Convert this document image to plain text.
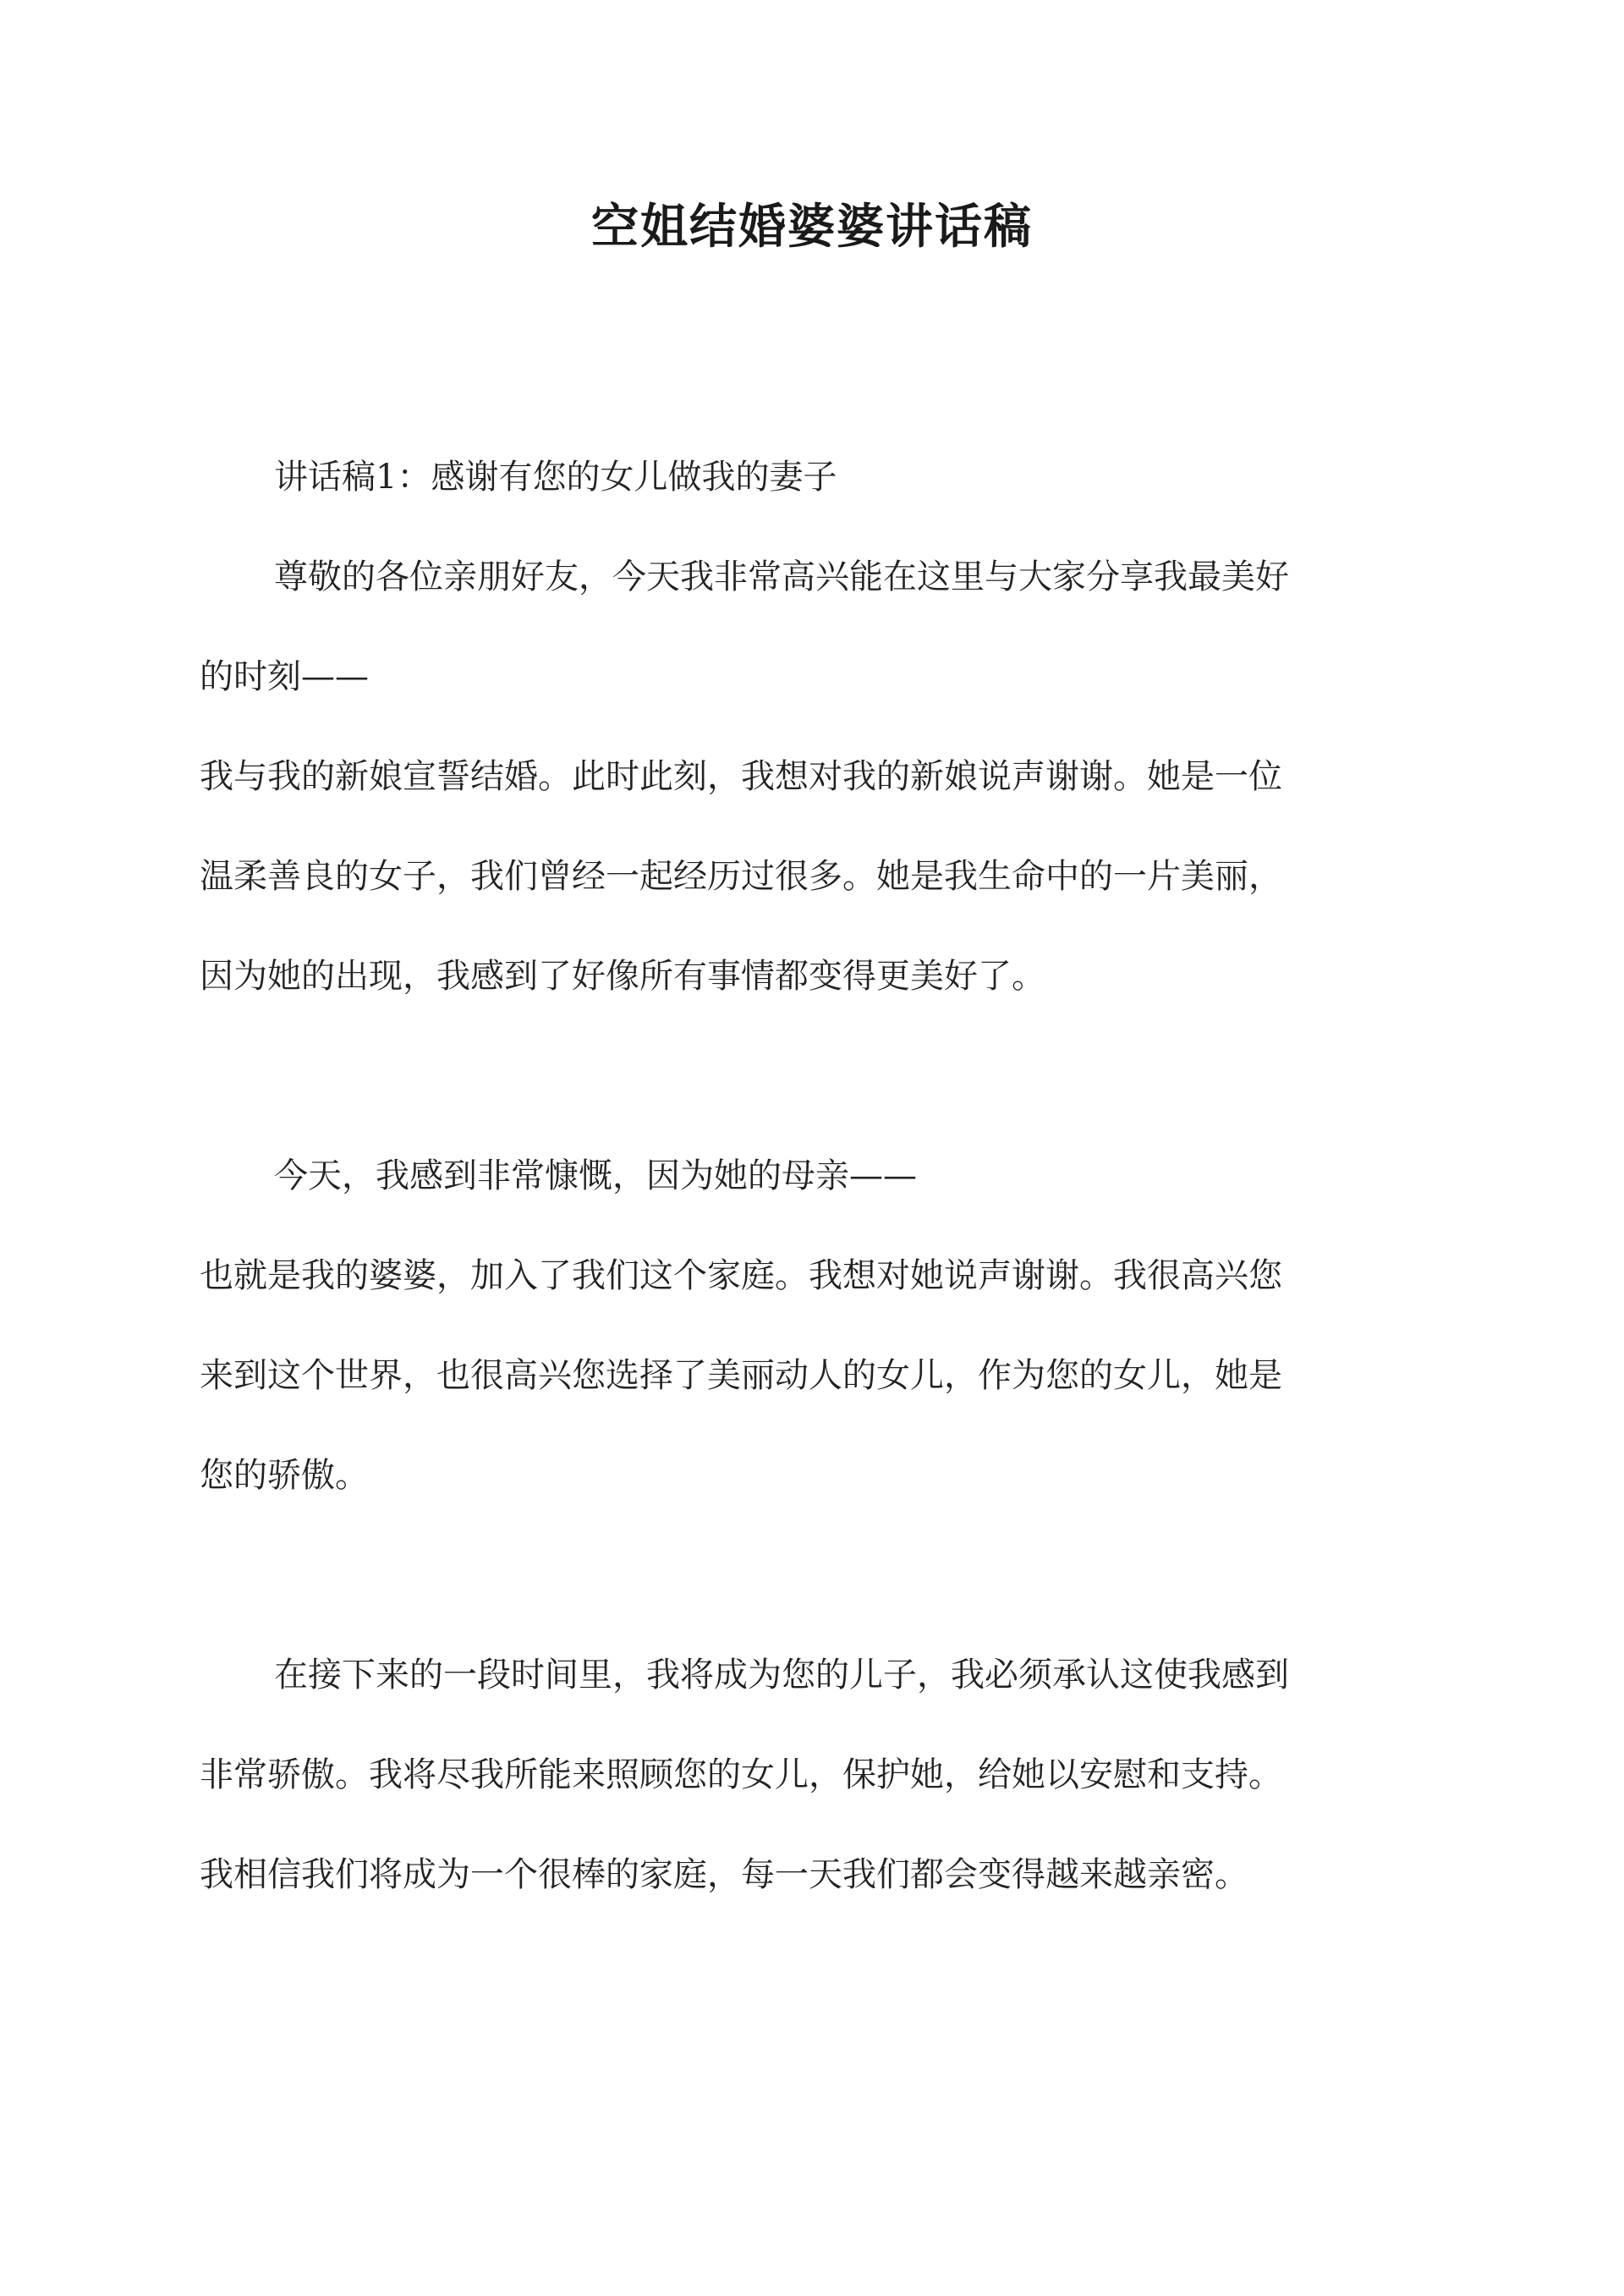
空姐结婚婆婆讲话稿

讲话稿1：感谢有您的女儿做我的妻子

尊敬的各位亲朋好友，今天我非常高兴能在这里与大家分享我最美好
的时刻——
我与我的新娘宣誓结婚。此时此刻，我想对我的新娘说声谢谢。她是一位
温柔善良的女子，我们曾经一起经历过很多。她是我生命中的一片美丽，
因为她的出现，我感到了好像所有事情都变得更美好了。

今天，我感到非常慷慨，因为她的母亲——
也就是我的婆婆，加入了我们这个家庭。我想对她说声谢谢。我很高兴您
来到这个世界，也很高兴您选择了美丽动人的女儿，作为您的女儿，她是
您的骄傲。

在接下来的一段时间里，我将成为您的儿子，我必须承认这使我感到
非常骄傲。我将尽我所能来照顾您的女儿，保护她，给她以安慰和支持。
我相信我们将成为一个很棒的家庭，每一天我们都会变得越来越亲密。
